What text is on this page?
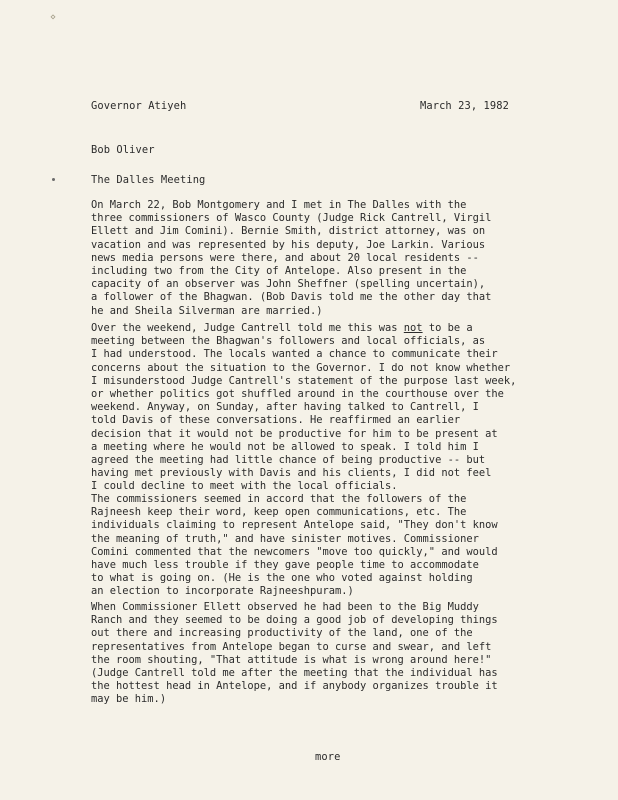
⋄
Governor Atiyeh	March 23, 1982
Bob Oliver
The Dalles Meeting

On March 22, Bob Montgomery and I met in The Dalles with the

three commissioners of Wasco County (Judge Rick Cantrell, Virgil

Ellett and Jim Comini). Bernie Smith, district attorney, was on

vacation and was represented by his deputy, Joe Larkin. Various

news media persons were there, and about 20 local residents --

including two from the City of Antelope. Also present in the

capacity of an observer was John Sheffner (spelling uncertain),

a follower of the Bhagwan. (Bob Davis told me the other day that

he and Sheila Silverman are married.)

Over the weekend, Judge Cantrell told me this was not to be a

meeting between the Bhagwan's followers and local officials, as

I had understood. The locals wanted a chance to communicate their

concerns about the situation to the Governor. I do not know whether

I misunderstood Judge Cantrell's statement of the purpose last week,

or whether politics got shuffled around in the courthouse over the

weekend. Anyway, on Sunday, after having talked to Cantrell, I

told Davis of these conversations. He reaffirmed an earlier

decision that it would not be productive for him to be present at

a meeting where he would not be allowed to speak. I told him I

agreed the meeting had little chance of being productive -- but

having met previously with Davis and his clients, I did not feel

I could decline to meet with the local officials.

The commissioners seemed in accord that the followers of the

Rajneesh keep their word, keep open communications, etc. The

individuals claiming to represent Antelope said, "They don't know

the meaning of truth," and have sinister motives. Commissioner

Comini commented that the newcomers "move too quickly," and would

have much less trouble if they gave people time to accommodate

to what is going on. (He is the one who voted against holding

an election to incorporate Rajneeshpuram.)

When Commissioner Ellett observed he had been to the Big Muddy

Ranch and they seemed to be doing a good job of developing things

out there and increasing productivity of the land, one of the

representatives from Antelope began to curse and swear, and left

the room shouting, "That attitude is what is wrong around here!"

(Judge Cantrell told me after the meeting that the individual has

the hottest head in Antelope, and if anybody organizes trouble it

may be him.)

more
